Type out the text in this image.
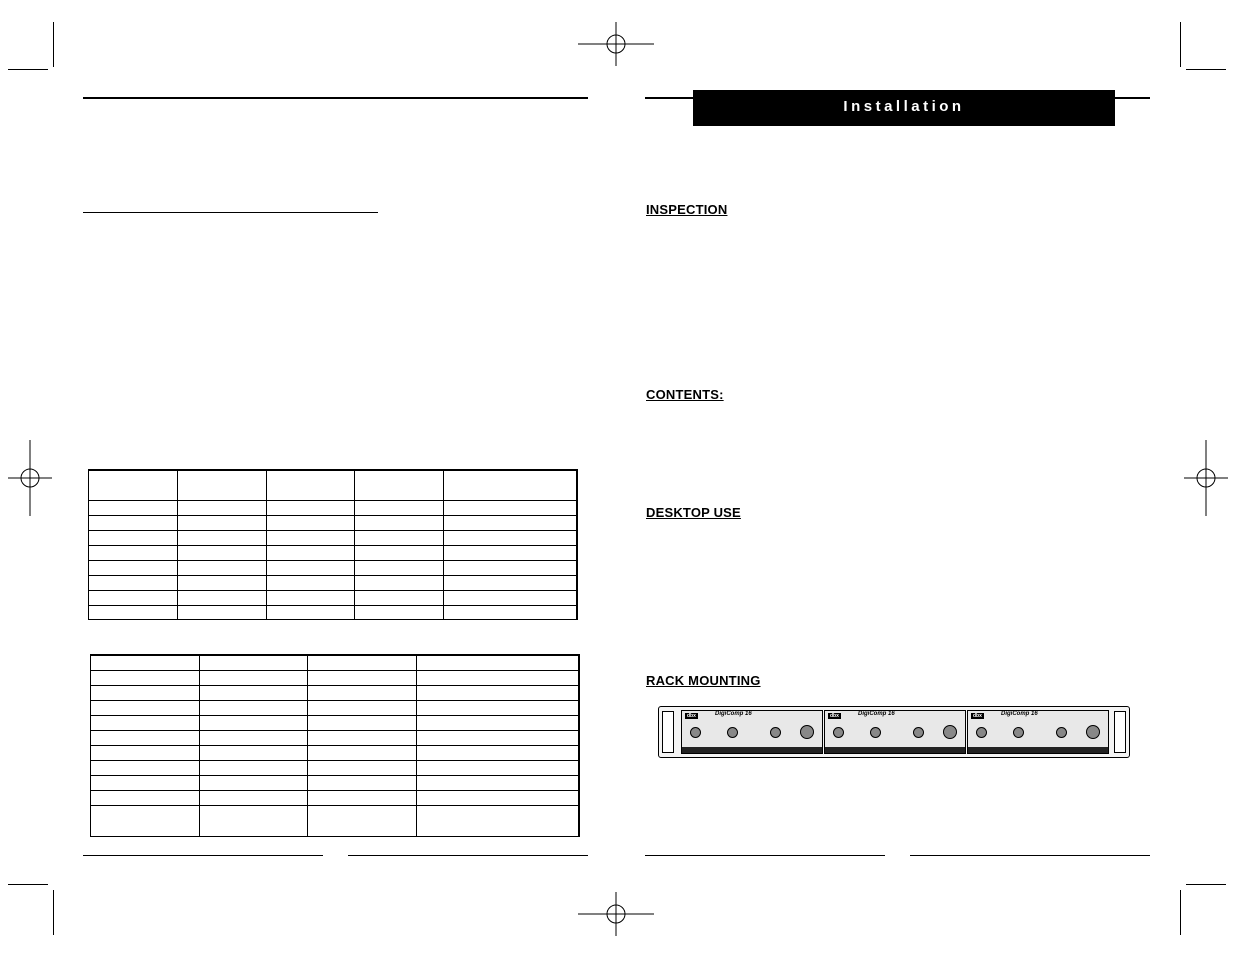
Installation
INSPECTION
CONTENTS:
DESKTOP USE
RACK MOUNTING
dbx	DigiComp 16	dbx	DigiComp 16	dbx	DigiComp 16
